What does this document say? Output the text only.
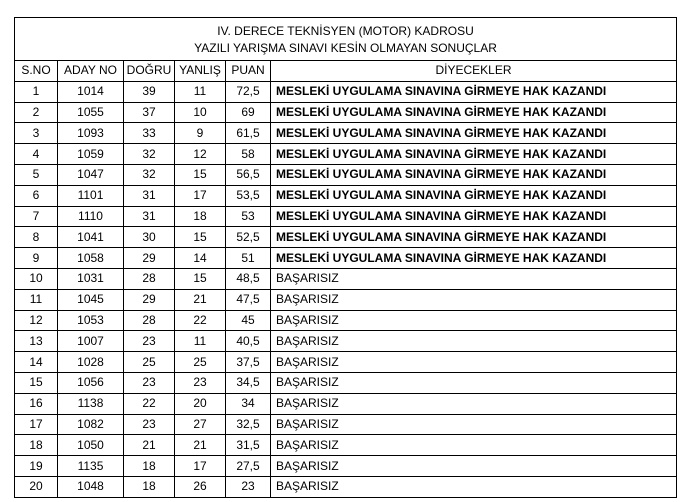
IV. DERECE TEKNİSYEN (MOTOR) KADROSU
YAZILI YARIŞMA SINAVI KESİN OLMAYAN SONUÇLAR					

S.NO	ADAY NO	DOĞRU	YANLIŞ	PUAN	DİYECEKLER
1	1014	39	11	72,5	MESLEKİ UYGULAMA SINAVINA GİRMEYE HAK KAZANDI
2	1055	37	10	69	MESLEKİ UYGULAMA SINAVINA GİRMEYE HAK KAZANDI
3	1093	33	9	61,5	MESLEKİ UYGULAMA SINAVINA GİRMEYE HAK KAZANDI
4	1059	32	12	58	MESLEKİ UYGULAMA SINAVINA GİRMEYE HAK KAZANDI
5	1047	32	15	56,5	MESLEKİ UYGULAMA SINAVINA GİRMEYE HAK KAZANDI
6	1101	31	17	53,5	MESLEKİ UYGULAMA SINAVINA GİRMEYE HAK KAZANDI
7	1110	31	18	53	MESLEKİ UYGULAMA SINAVINA GİRMEYE HAK KAZANDI
8	1041	30	15	52,5	MESLEKİ UYGULAMA SINAVINA GİRMEYE HAK KAZANDI
9	1058	29	14	51	MESLEKİ UYGULAMA SINAVINA GİRMEYE HAK KAZANDI
10	1031	28	15	48,5	BAŞARISIZ
11	1045	29	21	47,5	BAŞARISIZ
12	1053	28	22	45	BAŞARISIZ
13	1007	23	11	40,5	BAŞARISIZ
14	1028	25	25	37,5	BAŞARISIZ
15	1056	23	23	34,5	BAŞARISIZ
16	1138	22	20	34	BAŞARISIZ
17	1082	23	27	32,5	BAŞARISIZ
18	1050	21	21	31,5	BAŞARISIZ
19	1135	18	17	27,5	BAŞARISIZ
20	1048	18	26	23	BAŞARISIZ
